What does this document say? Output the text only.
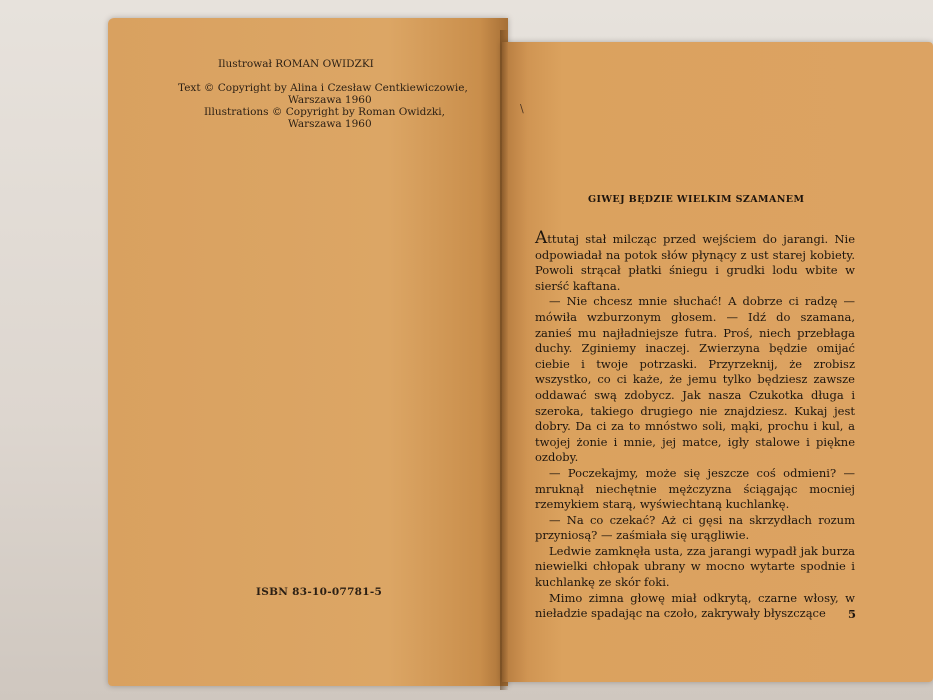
Ilustrował ROMAN OWIDZKI
Text © Copyright by Alina i Czesław Centkiewiczowie,
Warszawa 1960
Illustrations © Copyright by Roman Owidzki,
Warszawa 1960
ISBN 83-10-07781-5
\
GIWEJ BĘDZIE WIELKIM SZAMANEM

Attutaj stał milcząc przed wejściem do jarangi. Nie odpowiadał na potok słów płynący z ust starej kobiety. Powoli strącał płatki śniegu i grudki lodu wbite w sierść kaftana.

— Nie chcesz mnie słuchać! A dobrze ci radzę — mówiła wzburzonym głosem. — Idź do szamana, zanieś mu najładniejsze futra. Proś, niech przebłaga duchy. Zginiemy inaczej. Zwierzyna będzie omijać ciebie i twoje potrzaski. Przyrzeknij, że zrobisz wszystko, co ci każe, że jemu tylko będziesz zawsze oddawać swą zdobycz. Jak nasza Czukotka długa i szeroka, takiego drugiego nie znajdziesz. Kukaj jest dobry. Da ci za to mnóstwo soli, mąki, prochu i kul, a twojej żonie i mnie, jej matce, igły stalowe i piękne ozdoby.

— Poczekajmy, może się jeszcze coś odmieni? — mruknął niechętnie mężczyzna ściągając mocniej rzemykiem starą, wyświechtaną kuchlankę.

— Na co czekać? Aż ci gęsi na skrzydłach rozum przyniosą? — zaśmiała się urągliwie.

Ledwie zamknęła usta, zza jarangi wypadł jak burza niewielki chłopak ubrany w mocno wytarte spodnie i kuchlankę ze skór foki.

Mimo zimna głowę miał odkrytą, czarne włosy, w nieładzie spadając na czoło, zakrywały błyszczące	5
